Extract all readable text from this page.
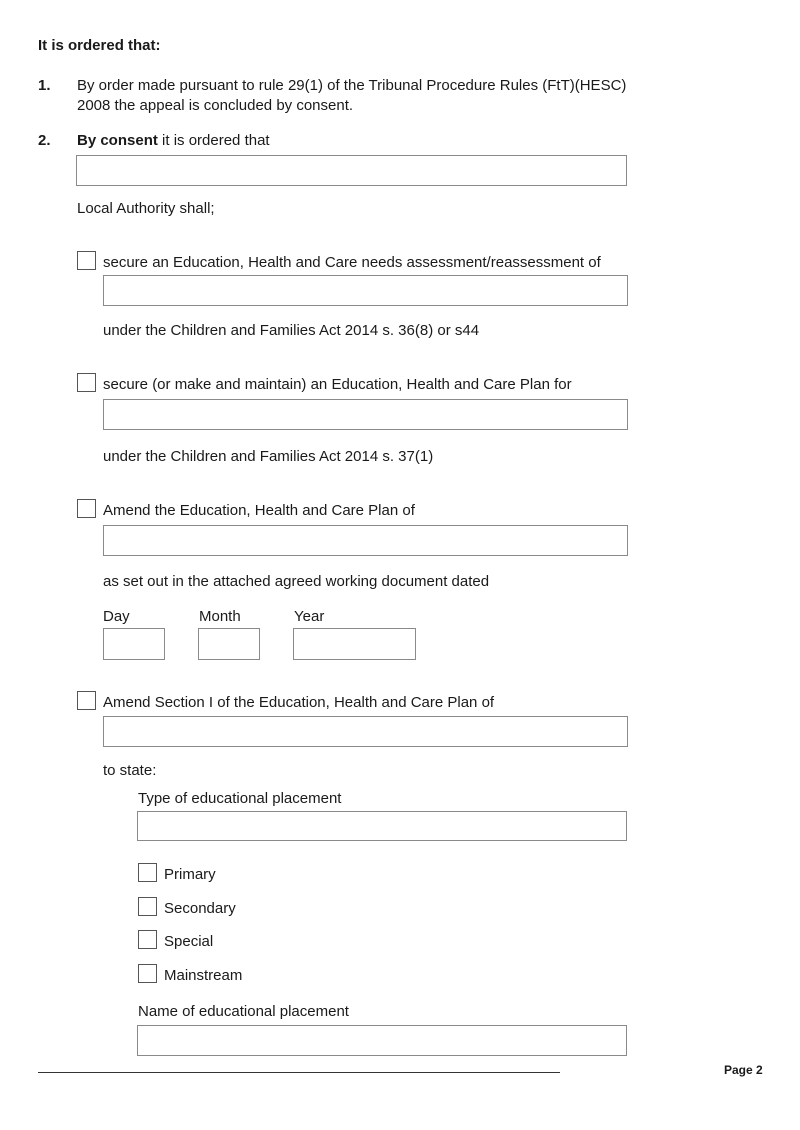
It is ordered that:
1. By order made pursuant to rule 29(1) of the Tribunal Procedure Rules (FtT)(HESC)
2008 the appeal is concluded by consent.
2. By consent it is ordered that
Local Authority shall;
secure an Education, Health and Care needs assessment/reassessment of
under the Children and Families Act 2014 s. 36(8) or s44
secure (or make and maintain) an Education, Health and Care Plan for
under the Children and Families Act 2014 s. 37(1)
Amend the Education, Health and Care Plan of
as set out in the attached agreed working document dated
Day	Month	Year
Amend Section I of the Education, Health and Care Plan of
to state:
Type of educational placement
Primary
Secondary
Special
Mainstream
Name of educational placement
Page 2
